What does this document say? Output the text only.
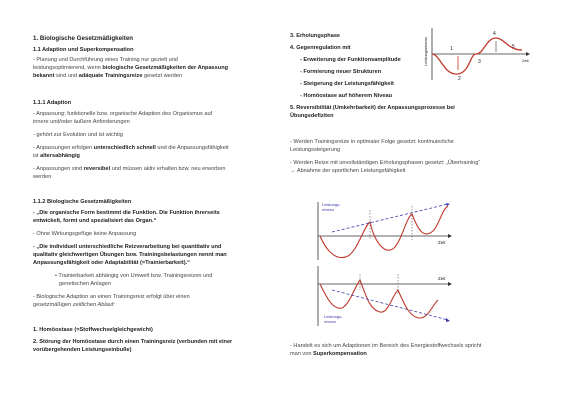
1. Biologische Gesetzmäßigkeiten
1.1 Adaption und Superkompensation
- Planung und Durchführung eines Training nur gezielt und
leistungsoptimierend, wenn biologische Gesetzmäßigkeiten der Anpassung
bekannt sind und adäquate Trainingsreize gesetzt werden
1.1.1 Adaption
- Anpassung: funktionelle bzw. organische Adaption des Organismus auf
innere und/oder äußere Anforderungen
- gehört zur Evolution und ist wichtig
- Anpassungen erfolgen unterschiedlich schnell und die Anpassungsfähigkeit
ist altersabhängig
- Anpassungen sind reversibel und müssen aktiv erhalten bzw. neu erworben
werden
1.1.2 Biologische Gesetzmäßigkeiten
- „Die organische Form bestimmt die Funktion. Die Funktion ihrerseits
entwickelt, formt und spezialisiert das Organ.“
- Ohne Wirkungsgefüge keine Anpassung
- „Die individuell unterschiedliche Reizverarbeitung bei quantitativ und
qualitativ gleichwertigen Übungen bzw. Trainingsbelastungen nennt man
Anpassungsfähigkeit oder Adaptabilität (=Trainierbarkeit).“
• Trainierbarkeit abhängig von Umwelt bzw. Trainingsreizen und
genetischen Anlagen
- Biologische Adaption an einen Trainingsreiz erfolgt über einen
gesetzmäßigen zeitlichen Ablauf:
1. Homöostase (=Stoffwechselgleichgewicht)
2. Störung der Homöostase durch einen Trainingsreiz (verbunden mit einer
vorübergehenden Leistungseinbuße)
3. Erholungsphase
4. Gegenregulation mit
- Erweiterung der Funktionsamplitude
- Formierung neuer Strukturen
- Steigerung der Leistungsfähigkeit
- Homöostase auf höherem Niveau
5. Reversibilität (Umkehrbarkeit) der Anpassungsprozesse bei
Übungsdefiziten
- Werden Trainingsreize in optimaler Folge gesetzt: kontinuierliche
Leistungssteigerung
- Werden Reize mit unvollständigen Erholungsphasen gesetzt: „Übertraining“
→ Abnahme der sportlichen Leistungsfähigkeit
- Handelt es sich um Adaptionen im Bereich des Energiestoffwechsels spricht
man von Superkompensation
Leistungsniveau	Zeit
1
2
3
4
5
Leistungs-
niveau
Zeit
Zeit
Leistungs-
niveau
